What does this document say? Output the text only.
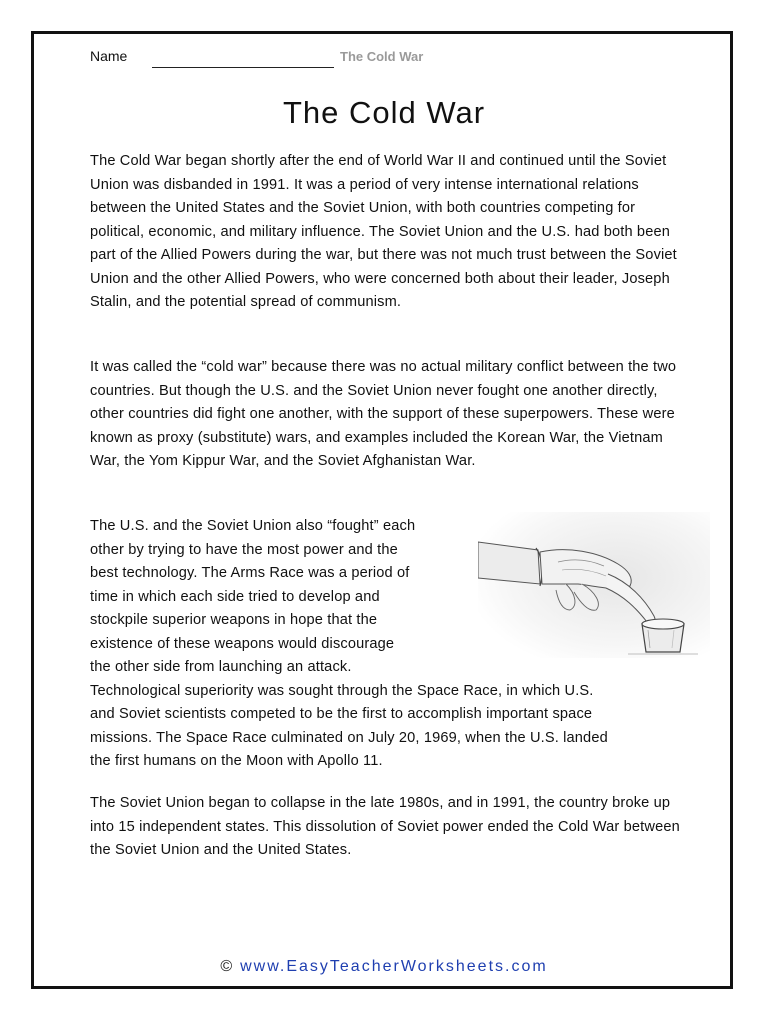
Name	The Cold War
The Cold War

The Cold War began shortly after the end of World War II and continued until the Soviet Union was disbanded in 1991. It was a period of very intense international relations between the United States and the Soviet Union, with both countries competing for political, economic, and military influence. The Soviet Union and the U.S. had both been part of the Allied Powers during the war, but there was not much trust between the Soviet Union and the other Allied Powers, who were concerned both about their leader, Joseph Stalin, and the potential spread of communism.

It was called the “cold war” because there was no actual military conflict between the two countries. But though the U.S. and the Soviet Union never fought one another directly, other countries did fight one another, with the support of these superpowers. These were known as proxy (substitute) wars, and examples included the Korean War, the Vietnam War, the Yom Kippur War, and the Soviet Afghanistan War.

The U.S. and the Soviet Union also “fought” each
other by trying to have the most power and the
best technology. The Arms Race was a period of
time in which each side tried to develop and
stockpile superior weapons in hope that the
existence of these weapons would discourage
the other side from launching an attack.
Technological superiority was sought through the Space Race, in which U.S.
and Soviet scientists competed to be the first to accomplish important space
missions. The Space Race culminated on July 20, 1969, when the U.S. landed
the first humans on the Moon with Apollo 11.

The Soviet Union began to collapse in the late 1980s, and in 1991, the country broke up into 15 independent states. This dissolution of Soviet power ended the Cold War between the Soviet Union and the United States.

© www.EasyTeacherWorksheets.com
